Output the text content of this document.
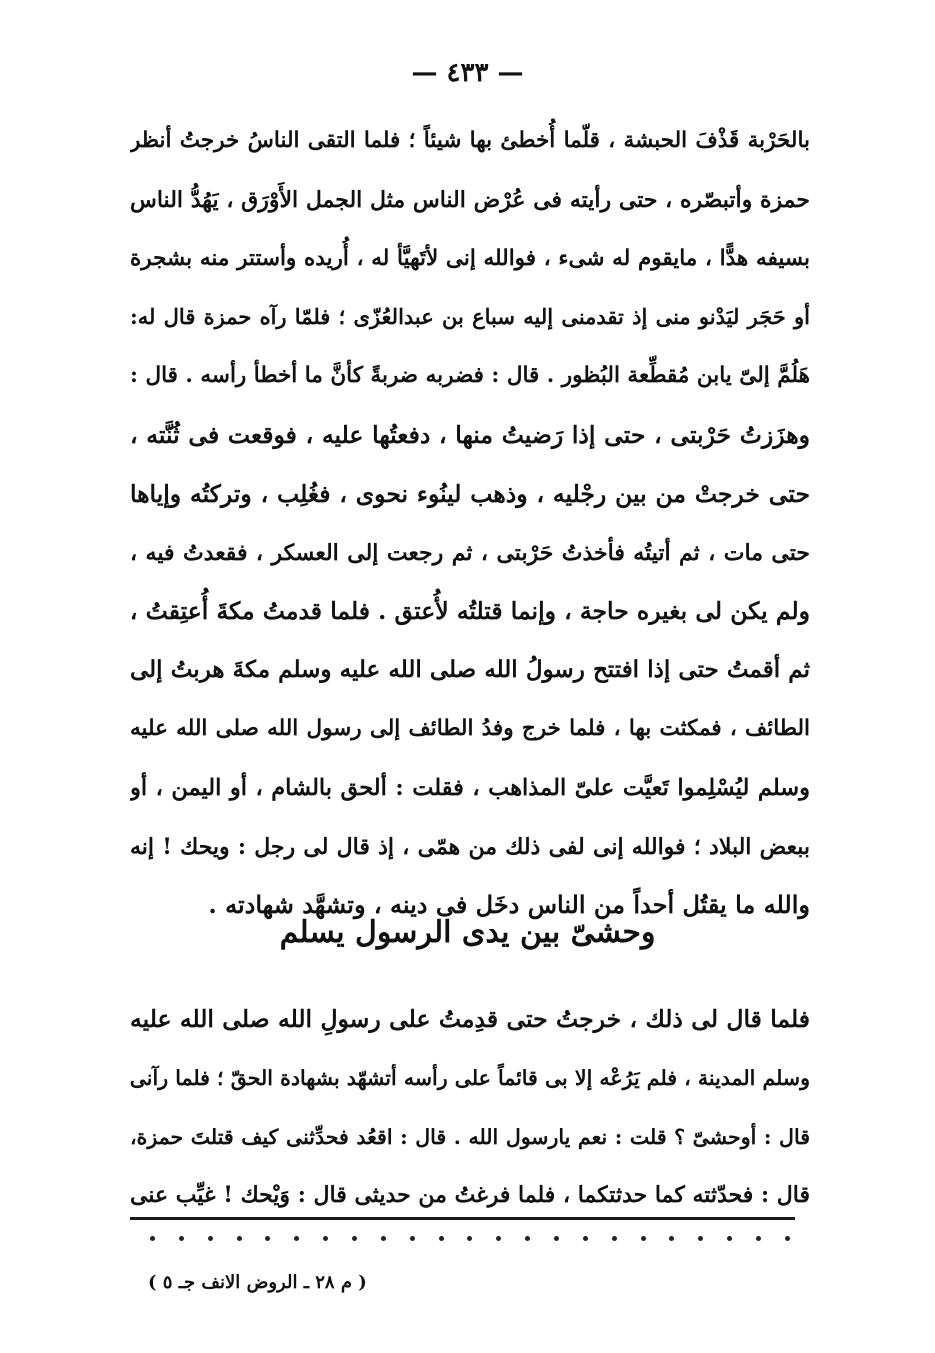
— ٤٣٣ —
بالحَرْبة قَذْفَ الحبشة ، قلّما أُخطئ بها شيئاً ؛ فلما التقى الناسُ خرجتُ أنظر
حمزة وأتبصّره ، حتى رأيته فى عُرْض الناس مثل الجمل الأَوْرَق ، يَهُدُّ الناس
بسيفه هدًّا ، مايقوم له شىء ، فوالله إنى لأتَهيَّأ له ، أُريده وأستتر منه بشجرة
أو حَجَر ليَدْنو منى إذ تقدمنى إليه سباع بن عبدالعُزّى ؛ فلمّا رآه حمزة قال له:
هَلُمَّ إلىّ يابن مُقطِّعة البُظور . قال : فضربه ضربةً كأنَّ ما أخطأ رأسه . قال :
وهزَزتُ حَرْبتى ، حتى إذا رَضيتُ منها ، دفعتُها عليه ، فوقعت فى ثُنَّته ،
حتى خرجتْ من بين رجْليه ، وذهب لينُوء نحوى ، فغُلِب ، وتركتُه وإياها
حتى مات ، ثم أتيتُه فأخذتُ حَرْبتى ، ثم رجعت إلى العسكر ، فقعدتُ فيه ،
ولم يكن لى بغيره حاجة ، وإنما قتلتُه لأُعتق . فلما قدمتُ مكةَ أُعتِقتُ ،
ثم أقمتُ حتى إذا افتتح رسولُ الله صلى الله عليه وسلم مكةَ هربتُ إلى
الطائف ، فمكثت بها ، فلما خرج وفدُ الطائف إلى رسول الله صلى الله عليه
وسلم ليُسْلِموا تَعيَّت علىّ المذاهب ، فقلت : ألحق بالشام ، أو اليمن ، أو
ببعض البلاد ؛ فوالله إنى لفى ذلك من همّى ، إذ قال لى رجل : ويحك ! إنه
والله ما يقتُل أحداً من الناس دخَل فى دينه ، وتشهَّد شهادته .
وحشىّ بين يدى الرسول يسلم
فلما قال لى ذلك ، خرجتُ حتى قدِمتُ على رسولِ الله صلى الله عليه
وسلم المدينة ، فلم يَرُعْه إلا بى قائماً على رأسه أتشهّد بشهادة الحقّ ؛ فلما رآنى
قال : أوحشىّ ؟ قلت : نعم يارسول الله . قال : اقعُد فحدِّثنى كيف قتلتَ حمزة،
قال : فحدّثته كما حدثتكما ، فلما فرغتُ من حديثى قال : وَيْحك ! غيِّب عنى
( م ٢٨ ـ الروض الانف جـ ٥ )
